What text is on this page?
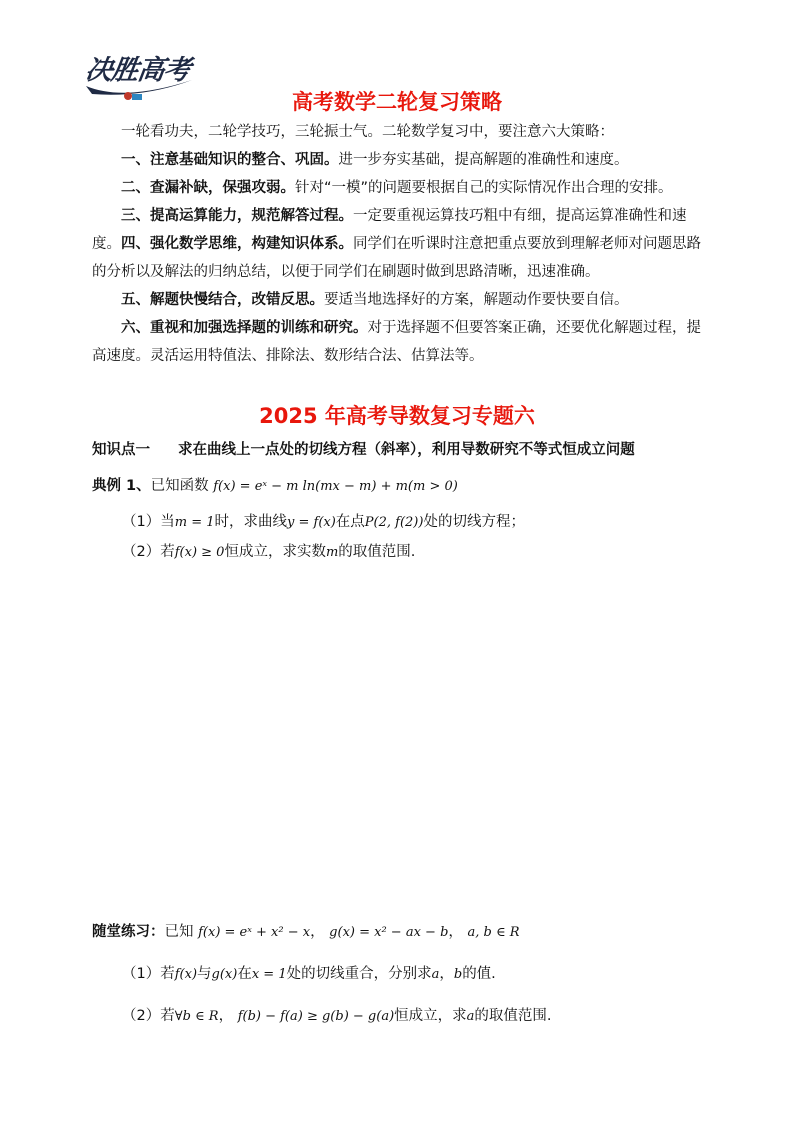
决胜高考
高考数学二轮复习策略
一轮看功夫，二轮学技巧，三轮振士气。二轮数学复习中，要注意六大策略：
一、注意基础知识的整合、巩固。进一步夯实基础，提高解题的准确性和速度。
二、查漏补缺，保强攻弱。针对“一模”的问题要根据自己的实际情况作出合理的安排。
三、提高运算能力，规范解答过程。一定要重视运算技巧粗中有细，提高运算准确性和速度。 四、强化数学思维，构建知识体系。同学们在听课时注意把重点要放到理解老师对问题思路的分析以及解法的归纳总结，以便于同学们在刷题时做到思路清晰，迅速准确。
五、解题快慢结合，改错反思。要适当地选择好的方案，解题动作要快要自信。
六、重视和加强选择题的训练和研究。对于选择题不但要答案正确，还要优化解题过程，提高速度。灵活运用特值法、排除法、数形结合法、估算法等。
2025 年高考导数复习专题六
知识点一 求在曲线上一点处的切线方程（斜率），利用导数研究不等式恒成立问题
典例 1、已知函数 f(x) = eˣ − m ln(mx − m) + m(m > 0)
（1）当m = 1时，求曲线y = f(x)在点P(2, f(2))处的切线方程；
（2）若f(x) ≥ 0恒成立，求实数m的取值范围.
随堂练习：已知 f(x) = eˣ + x² − x， g(x) = x² − ax − b， a, b ∈ R
（1）若f(x)与g(x)在x = 1处的切线重合，分别求a，b的值.
（2）若∀b ∈ R， f(b) − f(a) ≥ g(b) − g(a)恒成立，求a的取值范围.
